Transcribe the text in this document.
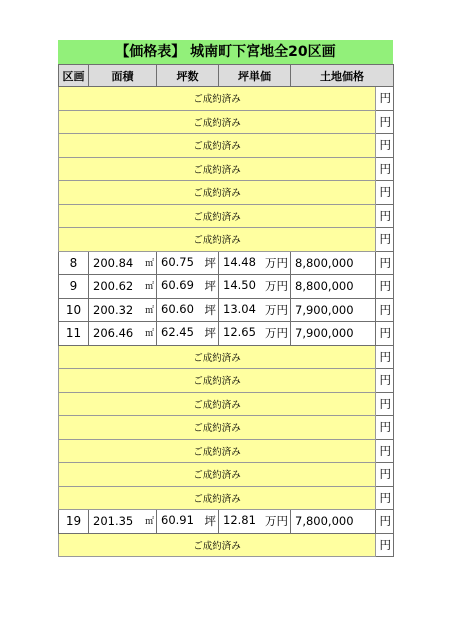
【価格表】 城南町下宮地全20区画
区画	面積	坪数	坪単価	土地価格	
ご成約済み					円
ご成約済み					円
ご成約済み					円
ご成約済み					円
ご成約済み					円
ご成約済み					円
ご成約済み					円
8	200.84 ㎡	60.75 坪	14.48 万円	8,800,000	円
9	200.62 ㎡	60.69 坪	14.50 万円	8,800,000	円
10	200.32 ㎡	60.60 坪	13.04 万円	7,900,000	円
11	206.46 ㎡	62.45 坪	12.65 万円	7,900,000	円
ご成約済み					円
ご成約済み					円
ご成約済み					円
ご成約済み					円
ご成約済み					円
ご成約済み					円
ご成約済み					円
19	201.35 ㎡	60.91 坪	12.81 万円	7,800,000	円
ご成約済み					円
